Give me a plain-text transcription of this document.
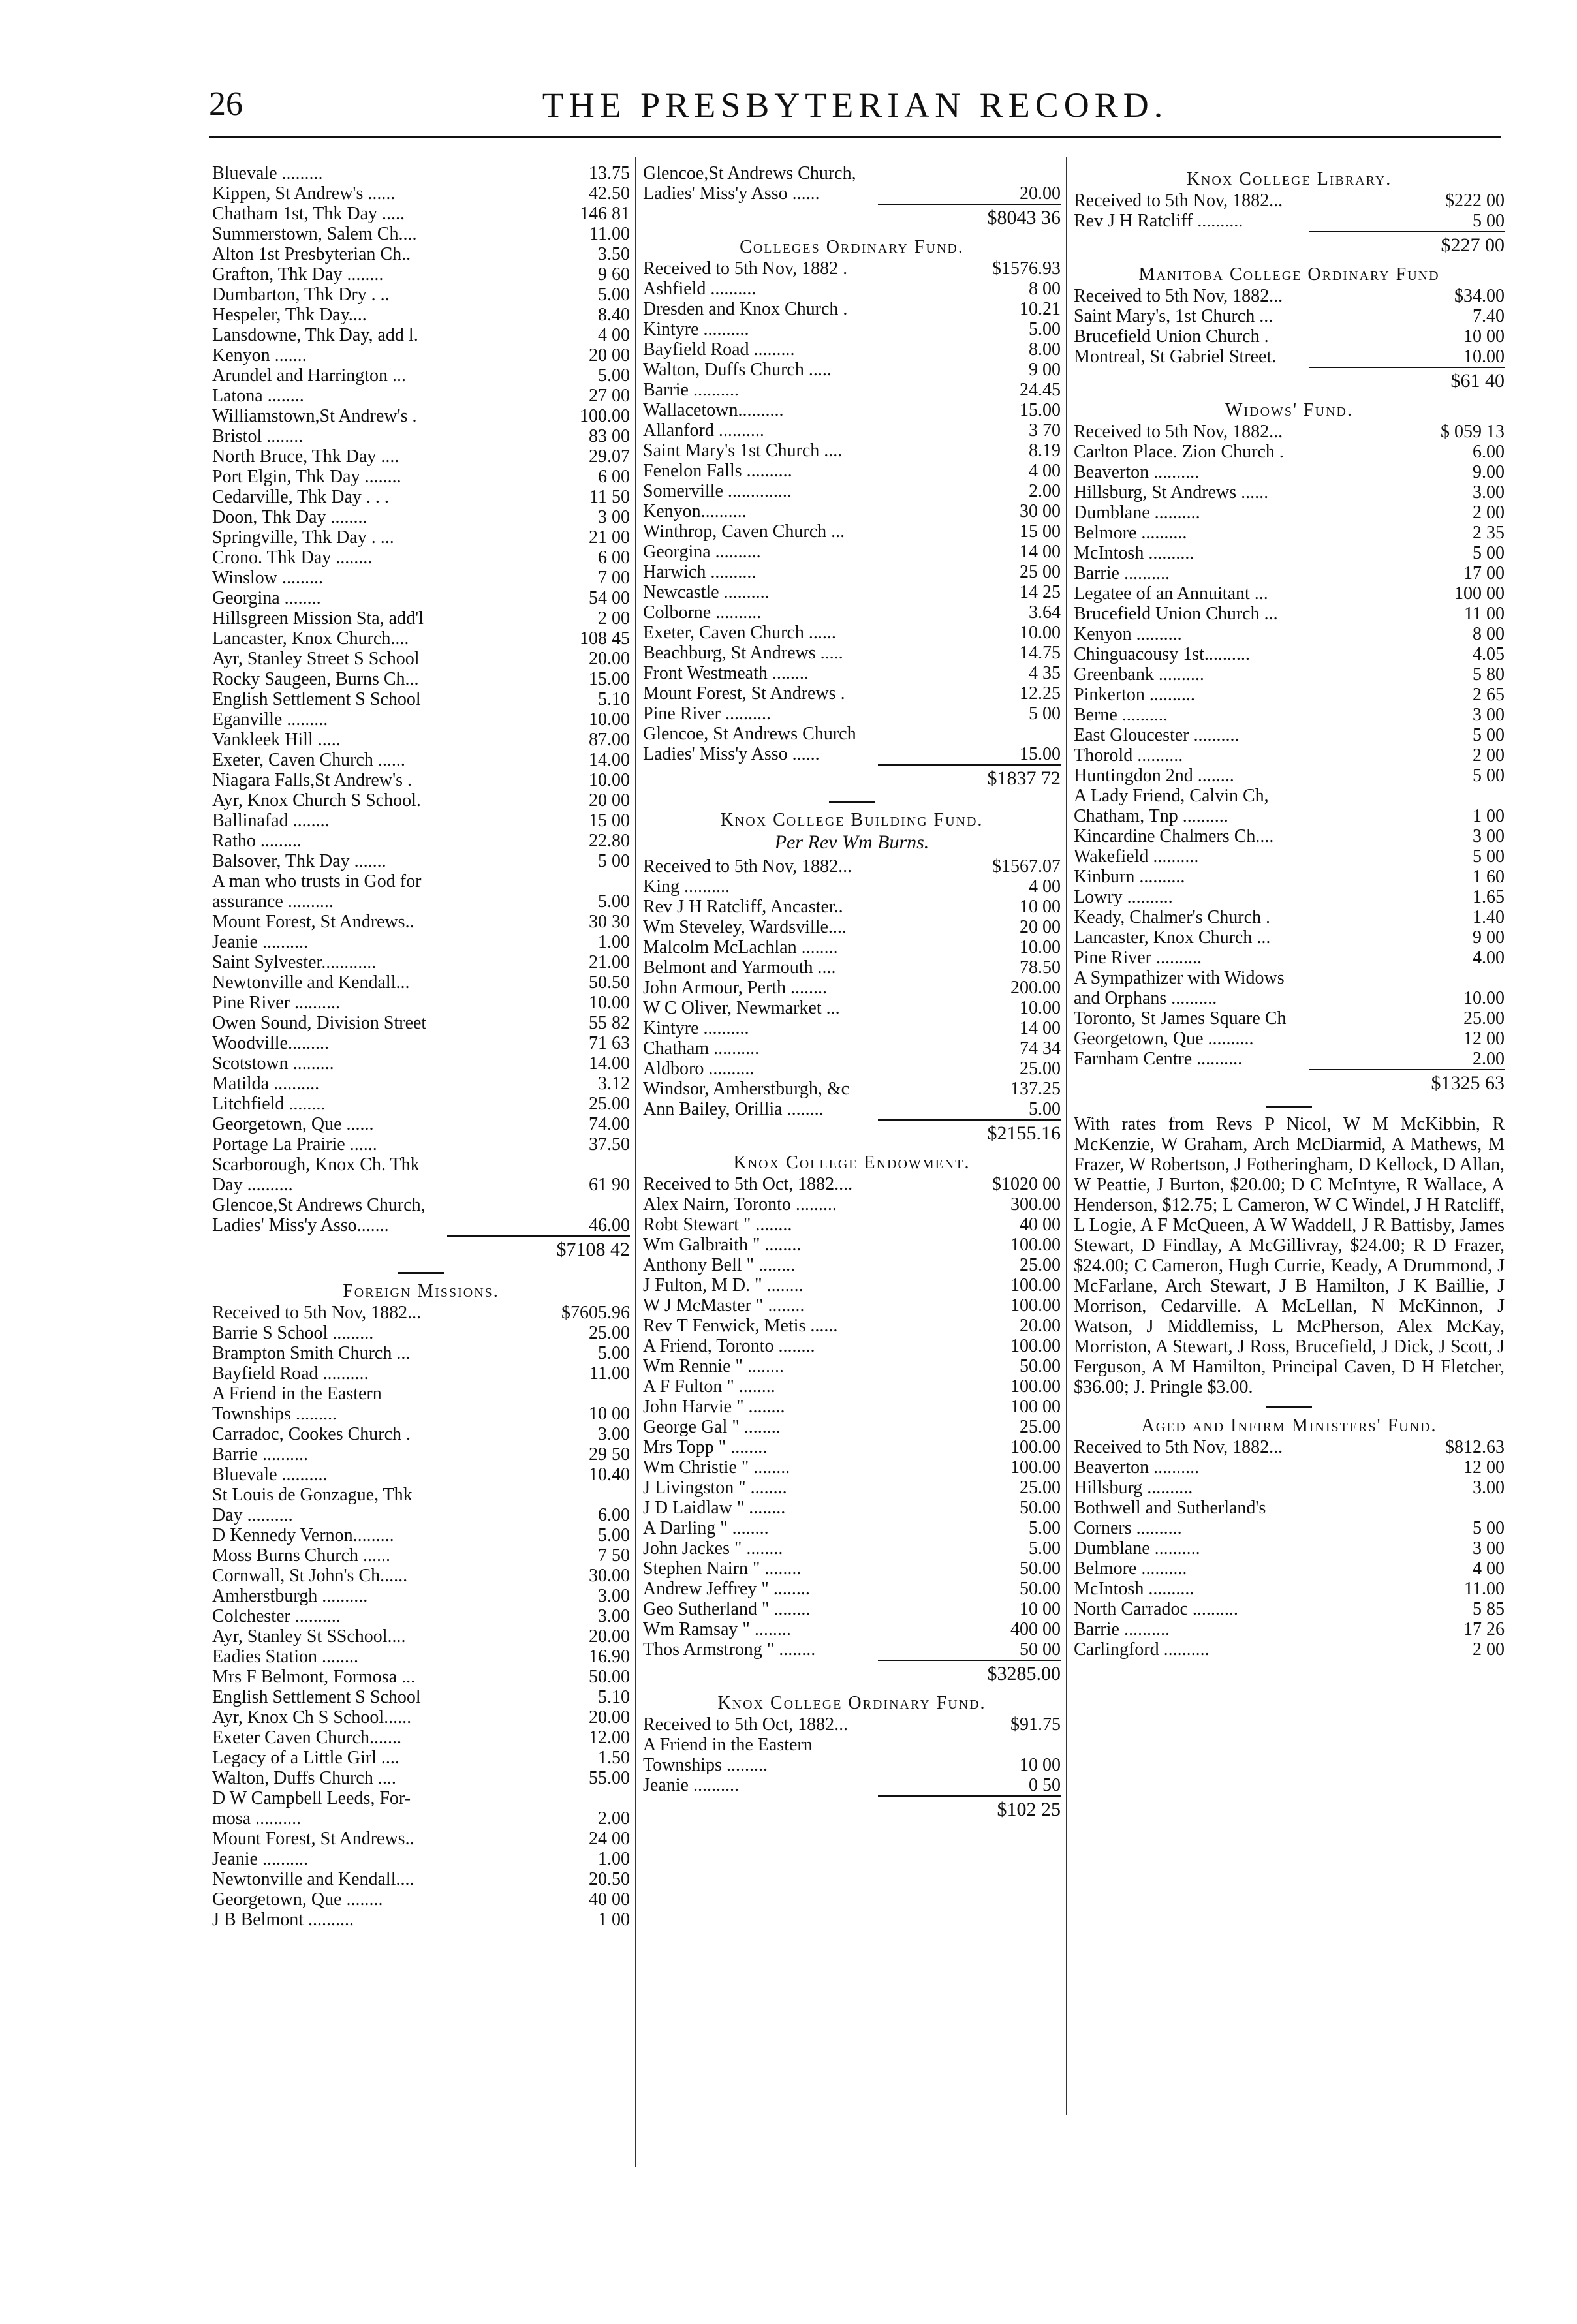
26	THE PRESBYTERIAN RECORD.
Bluevale .........	13.75
Kippen, St Andrew's ......	42.50
Chatham 1st, Thk Day .....	146 81
Summerstown, Salem Ch....	11.00
Alton 1st Presbyterian Ch..	3.50
Grafton, Thk Day ........	9 60
Dumbarton, Thk Dry . ..	5.00
Hespeler, Thk Day....	8.40
Lansdowne, Thk Day, add l.	4 00
Kenyon .......	20 00
Arundel and Harrington ...	5.00
Latona ........	27 00
Williamstown,St Andrew's .	100.00
Bristol ........	83 00
North Bruce, Thk Day ....	29.07
Port Elgin, Thk Day ........	6 00
Cedarville, Thk Day . . .	11 50
Doon, Thk Day ........	3 00
Springville, Thk Day . ...	21 00
Crono. Thk Day ........	6 00
Winslow .........	7 00
Georgina ........	54 00
Hillsgreen Mission Sta, add'l	2 00
Lancaster, Knox Church....	108 45
Ayr, Stanley Street S School	20.00
Rocky Saugeen, Burns Ch...	15.00
English Settlement S School	5.10
Eganville .........	10.00
Vankleek Hill .....	87.00
Exeter, Caven Church ......	14.00
Niagara Falls,St Andrew's .	10.00
Ayr, Knox Church S School.	20 00
Ballinafad ........	15 00
Ratho .........	22.80
Balsover, Thk Day .......	5 00
A man who trusts in God for
assurance ..........	5.00
Mount Forest, St Andrews..	30 30
Jeanie ..........	1.00
Saint Sylvester............	21.00
Newtonville and Kendall...	50.50
Pine River ..........	10.00
Owen Sound, Division Street	55 82
Woodville.........	71 63
Scotstown .........	14.00
Matilda ..........	3.12
Litchfield ........	25.00
Georgetown, Que ......	74.00
Portage La Prairie ......	37.50
Scarborough, Knox Ch. Thk
Day ..........	61 90
Glencoe,St Andrews Church,
Ladies' Miss'y Asso.......	46.00
$7108 42
Foreign Missions.
Received to 5th Nov, 1882...	$7605.96
Barrie S School .........	25.00
Brampton Smith Church ...	5.00
Bayfield Road ..........	11.00
A Friend in the Eastern
Townships .........	10 00
Carradoc, Cookes Church .	3.00
Barrie ..........	29 50
Bluevale ..........	10.40
St Louis de Gonzague, Thk
Day ..........	6.00
D Kennedy Vernon.........	5.00
Moss Burns Church ......	7 50
Cornwall, St John's Ch......	30.00
Amherstburgh ..........	3.00
Colchester ..........	3.00
Ayr, Stanley St SSchool....	20.00
Eadies Station ........	16.90
Mrs F Belmont, Formosa ...	50.00
English Settlement S School	5.10
Ayr, Knox Ch S School......	20.00
Exeter Caven Church.......	12.00
Legacy of a Little Girl ....	1.50
Walton, Duffs Church ....	55.00
D W Campbell Leeds, For-
mosa ..........	2.00
Mount Forest, St Andrews..	24 00
Jeanie ..........	1.00
Newtonville and Kendall....	20.50
Georgetown, Que ........	40 00
J B Belmont ..........	1 00
Glencoe,St Andrews Church,
Ladies' Miss'y Asso ......	20.00
$8043 36
Colleges Ordinary Fund.
Received to 5th Nov, 1882 .	$1576.93
Ashfield ..........	8 00
Dresden and Knox Church .	10.21
Kintyre ..........	5.00
Bayfield Road .........	8.00
Walton, Duffs Church .....	9 00
Barrie ..........	24.45
Wallacetown..........	15.00
Allanford ..........	3 70
Saint Mary's 1st Church ....	8.19
Fenelon Falls ..........	4 00
Somerville ..............	2.00
Kenyon..........	30 00
Winthrop, Caven Church ...	15 00
Georgina ..........	14 00
Harwich ..........	25 00
Newcastle ..........	14 25
Colborne ..........	3.64
Exeter, Caven Church ......	10.00
Beachburg, St Andrews .....	14.75
Front Westmeath ........	4 35
Mount Forest, St Andrews .	12.25
Pine River ..........	5 00
Glencoe, St Andrews Church
Ladies' Miss'y Asso ......	15.00
$1837 72
Knox College Building Fund.
Per Rev Wm Burns.
Received to 5th Nov, 1882...	$1567.07
King ..........	4 00
Rev J H Ratcliff, Ancaster..	10 00
Wm Steveley, Wardsville....	20 00
Malcolm McLachlan ........	10.00
Belmont and Yarmouth ....	78.50
John Armour, Perth ........	200.00
W C Oliver, Newmarket ...	10.00
Kintyre ..........	14 00
Chatham ..........	74 34
Aldboro ..........	25.00
Windsor, Amherstburgh, &c	137.25
Ann Bailey, Orillia ........	5.00
$2155.16
Knox College Endowment.
Received to 5th Oct, 1882....	$1020 00
Alex Nairn, Toronto .........	300.00
Robt Stewart " ........	40 00
Wm Galbraith " ........	100.00
Anthony Bell " ........	25.00
J Fulton, M D. " ........	100.00
W J McMaster " ........	100.00
Rev T Fenwick, Metis ......	20.00
A Friend, Toronto ........	100.00
Wm Rennie " ........	50.00
A F Fulton " ........	100.00
John Harvie " ........	100 00
George Gal " ........	25.00
Mrs Topp " ........	100.00
Wm Christie " ........	100.00
J Livingston " ........	25.00
J D Laidlaw " ........	50.00
A Darling " ........	5.00
John Jackes " ........	5.00
Stephen Nairn " ........	50.00
Andrew Jeffrey " ........	50.00
Geo Sutherland " ........	10 00
Wm Ramsay " ........	400 00
Thos Armstrong " ........	50 00
$3285.00
Knox College Ordinary Fund.
Received to 5th Oct, 1882...	$91.75
A Friend in the Eastern
Townships .........	10 00
Jeanie ..........	0 50
$102 25
Knox College Library.
Received to 5th Nov, 1882...	$222 00
Rev J H Ratcliff ..........	5 00
$227 00
Manitoba College Ordinary Fund
Received to 5th Nov, 1882...	$34.00
Saint Mary's, 1st Church ...	7.40
Brucefield Union Church .	10 00
Montreal, St Gabriel Street.	10.00
$61 40
Widows' Fund.
Received to 5th Nov, 1882...	$ 059 13
Carlton Place. Zion Church .	6.00
Beaverton ..........	9.00
Hillsburg, St Andrews ......	3.00
Dumblane ..........	2 00
Belmore ..........	2 35
McIntosh ..........	5 00
Barrie ..........	17 00
Legatee of an Annuitant ...	100 00
Brucefield Union Church ...	11 00
Kenyon ..........	8 00
Chinguacousy 1st..........	4.05
Greenbank ..........	5 80
Pinkerton ..........	2 65
Berne ..........	3 00
East Gloucester ..........	5 00
Thorold ..........	2 00
Huntingdon 2nd ........	5 00
A Lady Friend, Calvin Ch,
Chatham, Tnp ..........	1 00
Kincardine Chalmers Ch....	3 00
Wakefield ..........	5 00
Kinburn ..........	1 60
Lowry ..........	1.65
Keady, Chalmer's Church .	1.40
Lancaster, Knox Church ...	9 00
Pine River ..........	4.00
A Sympathizer with Widows
and Orphans ..........	10.00
Toronto, St James Square Ch	25.00
Georgetown, Que ..........	12 00
Farnham Centre ..........	2.00
$1325 63
With rates from Revs P Nicol, W M McKibbin, R McKenzie, W Graham, Arch McDiarmid, A Mathews, M Frazer, W Robertson, J Fotheringham, D Kellock, D Allan, W Peattie, J Burton, $20.00; D C McIntyre, R Wallace, A Henderson, $12.75; L Cameron, W C Windel, J H Ratcliff, L Logie, A F McQueen, A W Waddell, J R Battisby, James Stewart, D Findlay, A McGillivray, $24.00; R D Frazer, $24.00; C Cameron, Hugh Currie, Keady, A Drummond, J McFarlane, Arch Stewart, J B Hamilton, J K Baillie, J Morrison, Cedarville. A McLellan, N McKinnon, J Watson, J Middlemiss, L McPherson, Alex McKay, Morriston, A Stewart, J Ross, Brucefield, J Dick, J Scott, J Ferguson, A M Hamilton, Principal Caven, D H Fletcher, $36.00; J. Pringle $3.00.
Aged and Infirm Ministers' Fund.
Received to 5th Nov, 1882...	$812.63
Beaverton ..........	12 00
Hillsburg ..........	3.00
Bothwell and Sutherland's
Corners ..........	5 00
Dumblane ..........	3 00
Belmore ..........	4 00
McIntosh ..........	11.00
North Carradoc ..........	5 85
Barrie ..........	17 26
Carlingford ..........	2 00
